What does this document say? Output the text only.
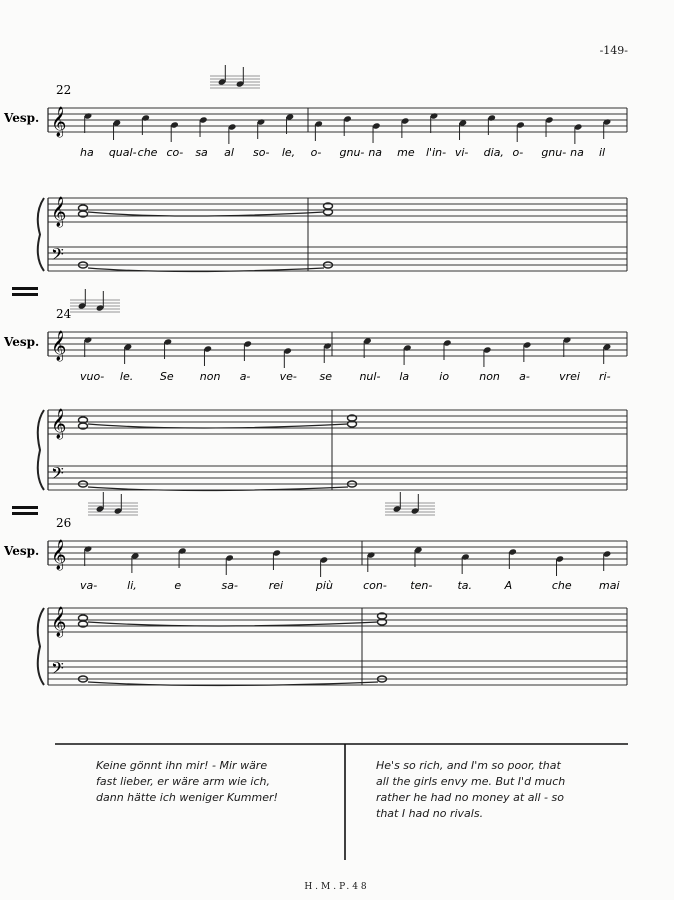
-149-
22
Vesp. 𝄞
𝄞
𝄢
ha qual- che co- sa al so- le, o- gnu- na me l'in- vi- dia, o- gnu- na il
24
Vesp. 𝄞
𝄞
𝄢
vuo- le. Se non a-	ve- se nul- la	io	non a-	vrei ri-
26
Vesp. 𝄞
𝄞
𝄢
va-	li,	e	sa-	rei	più	con- ten- ta.	A	che mai
Keine gönnt ihn mir! - Mir wäre
fast lieber, er wäre arm wie ich,
dann hätte ich weniger Kummer!
He's so rich, and I'm so poor, that
all the girls envy me. But I'd much
rather he had no money at all - so
that I had no rivals.
H.M.P.48
